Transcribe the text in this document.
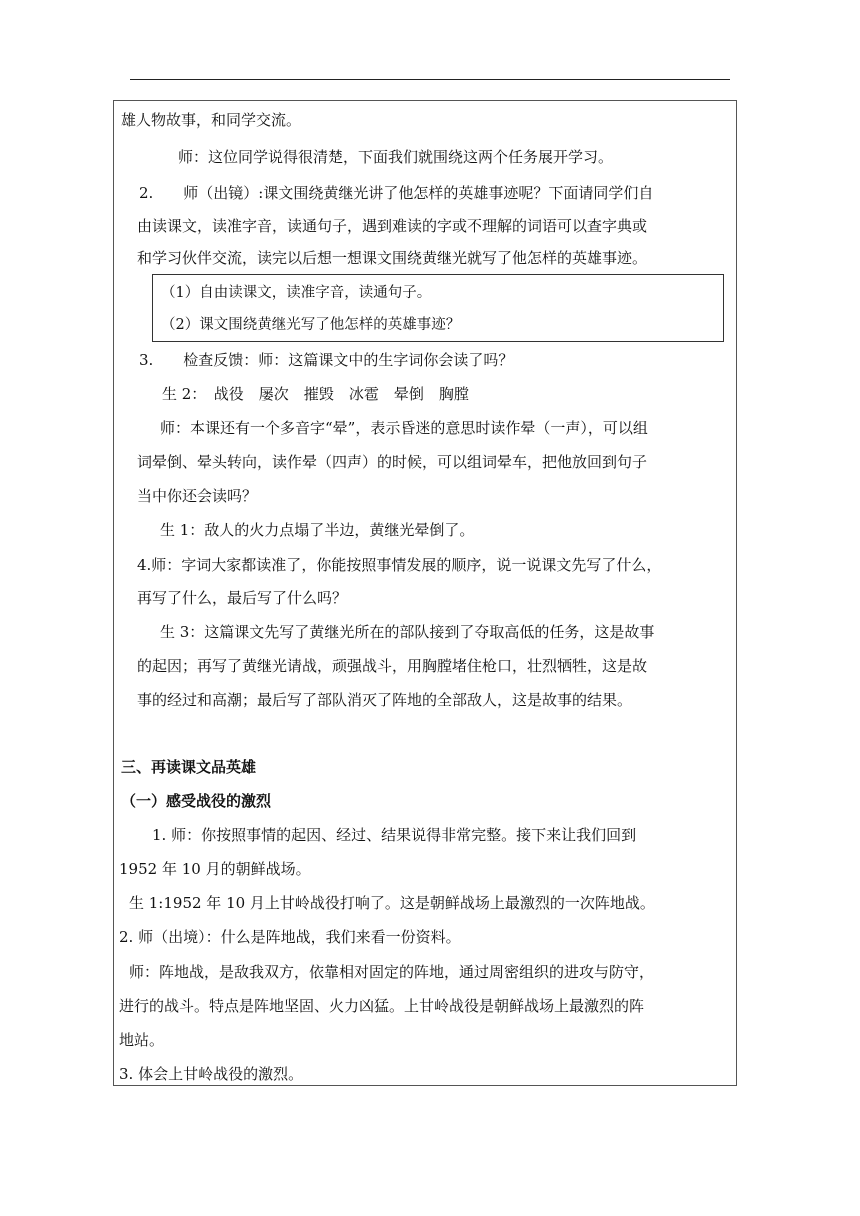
雄人物故事，和同学交流。
师：这位同学说得很清楚，下面我们就围绕这两个任务展开学习。
2.　　师（出镜）:课文围绕黄继光讲了他怎样的英雄事迹呢？下面请同学们自
由读课文，读准字音，读通句子，遇到难读的字或不理解的词语可以查字典或
和学习伙伴交流，读完以后想一想课文围绕黄继光就写了他怎样的英雄事迹。
（1）自由读课文，读准字音，读通句子。
（2）课文围绕黄继光写了他怎样的英雄事迹？
3.　　检查反馈：师：这篇课文中的生字词你会读了吗？
生 2：　战役　屡次　摧毁　冰雹　晕倒　胸膛
师：本课还有一个多音字“晕”，表示昏迷的意思时读作晕（一声），可以组
词晕倒、晕头转向，读作晕（四声）的时候，可以组词晕车，把他放回到句子
当中你还会读吗？
生 1：敌人的火力点塌了半边，黄继光晕倒了。
4.师：字词大家都读准了，你能按照事情发展的顺序，说一说课文先写了什么，
再写了什么，最后写了什么吗？
生 3：这篇课文先写了黄继光所在的部队接到了夺取高低的任务，这是故事
的起因；再写了黄继光请战，顽强战斗，用胸膛堵住枪口，壮烈牺牲，这是故
事的经过和高潮；最后写了部队消灭了阵地的全部敌人，这是故事的结果。
三、再读课文品英雄
（一）感受战役的激烈
1. 师：你按照事情的起因、经过、结果说得非常完整。接下来让我们回到
1952 年 10 月的朝鲜战场。
生 1:1952 年 10 月上甘岭战役打响了。这是朝鲜战场上最激烈的一次阵地战。
2. 师（出境）：什么是阵地战，我们来看一份资料。
师：阵地战，是敌我双方，依靠相对固定的阵地，通过周密组织的进攻与防守，
进行的战斗。特点是阵地坚固、火力凶猛。上甘岭战役是朝鲜战场上最激烈的阵
地站。
3. 体会上甘岭战役的激烈。
